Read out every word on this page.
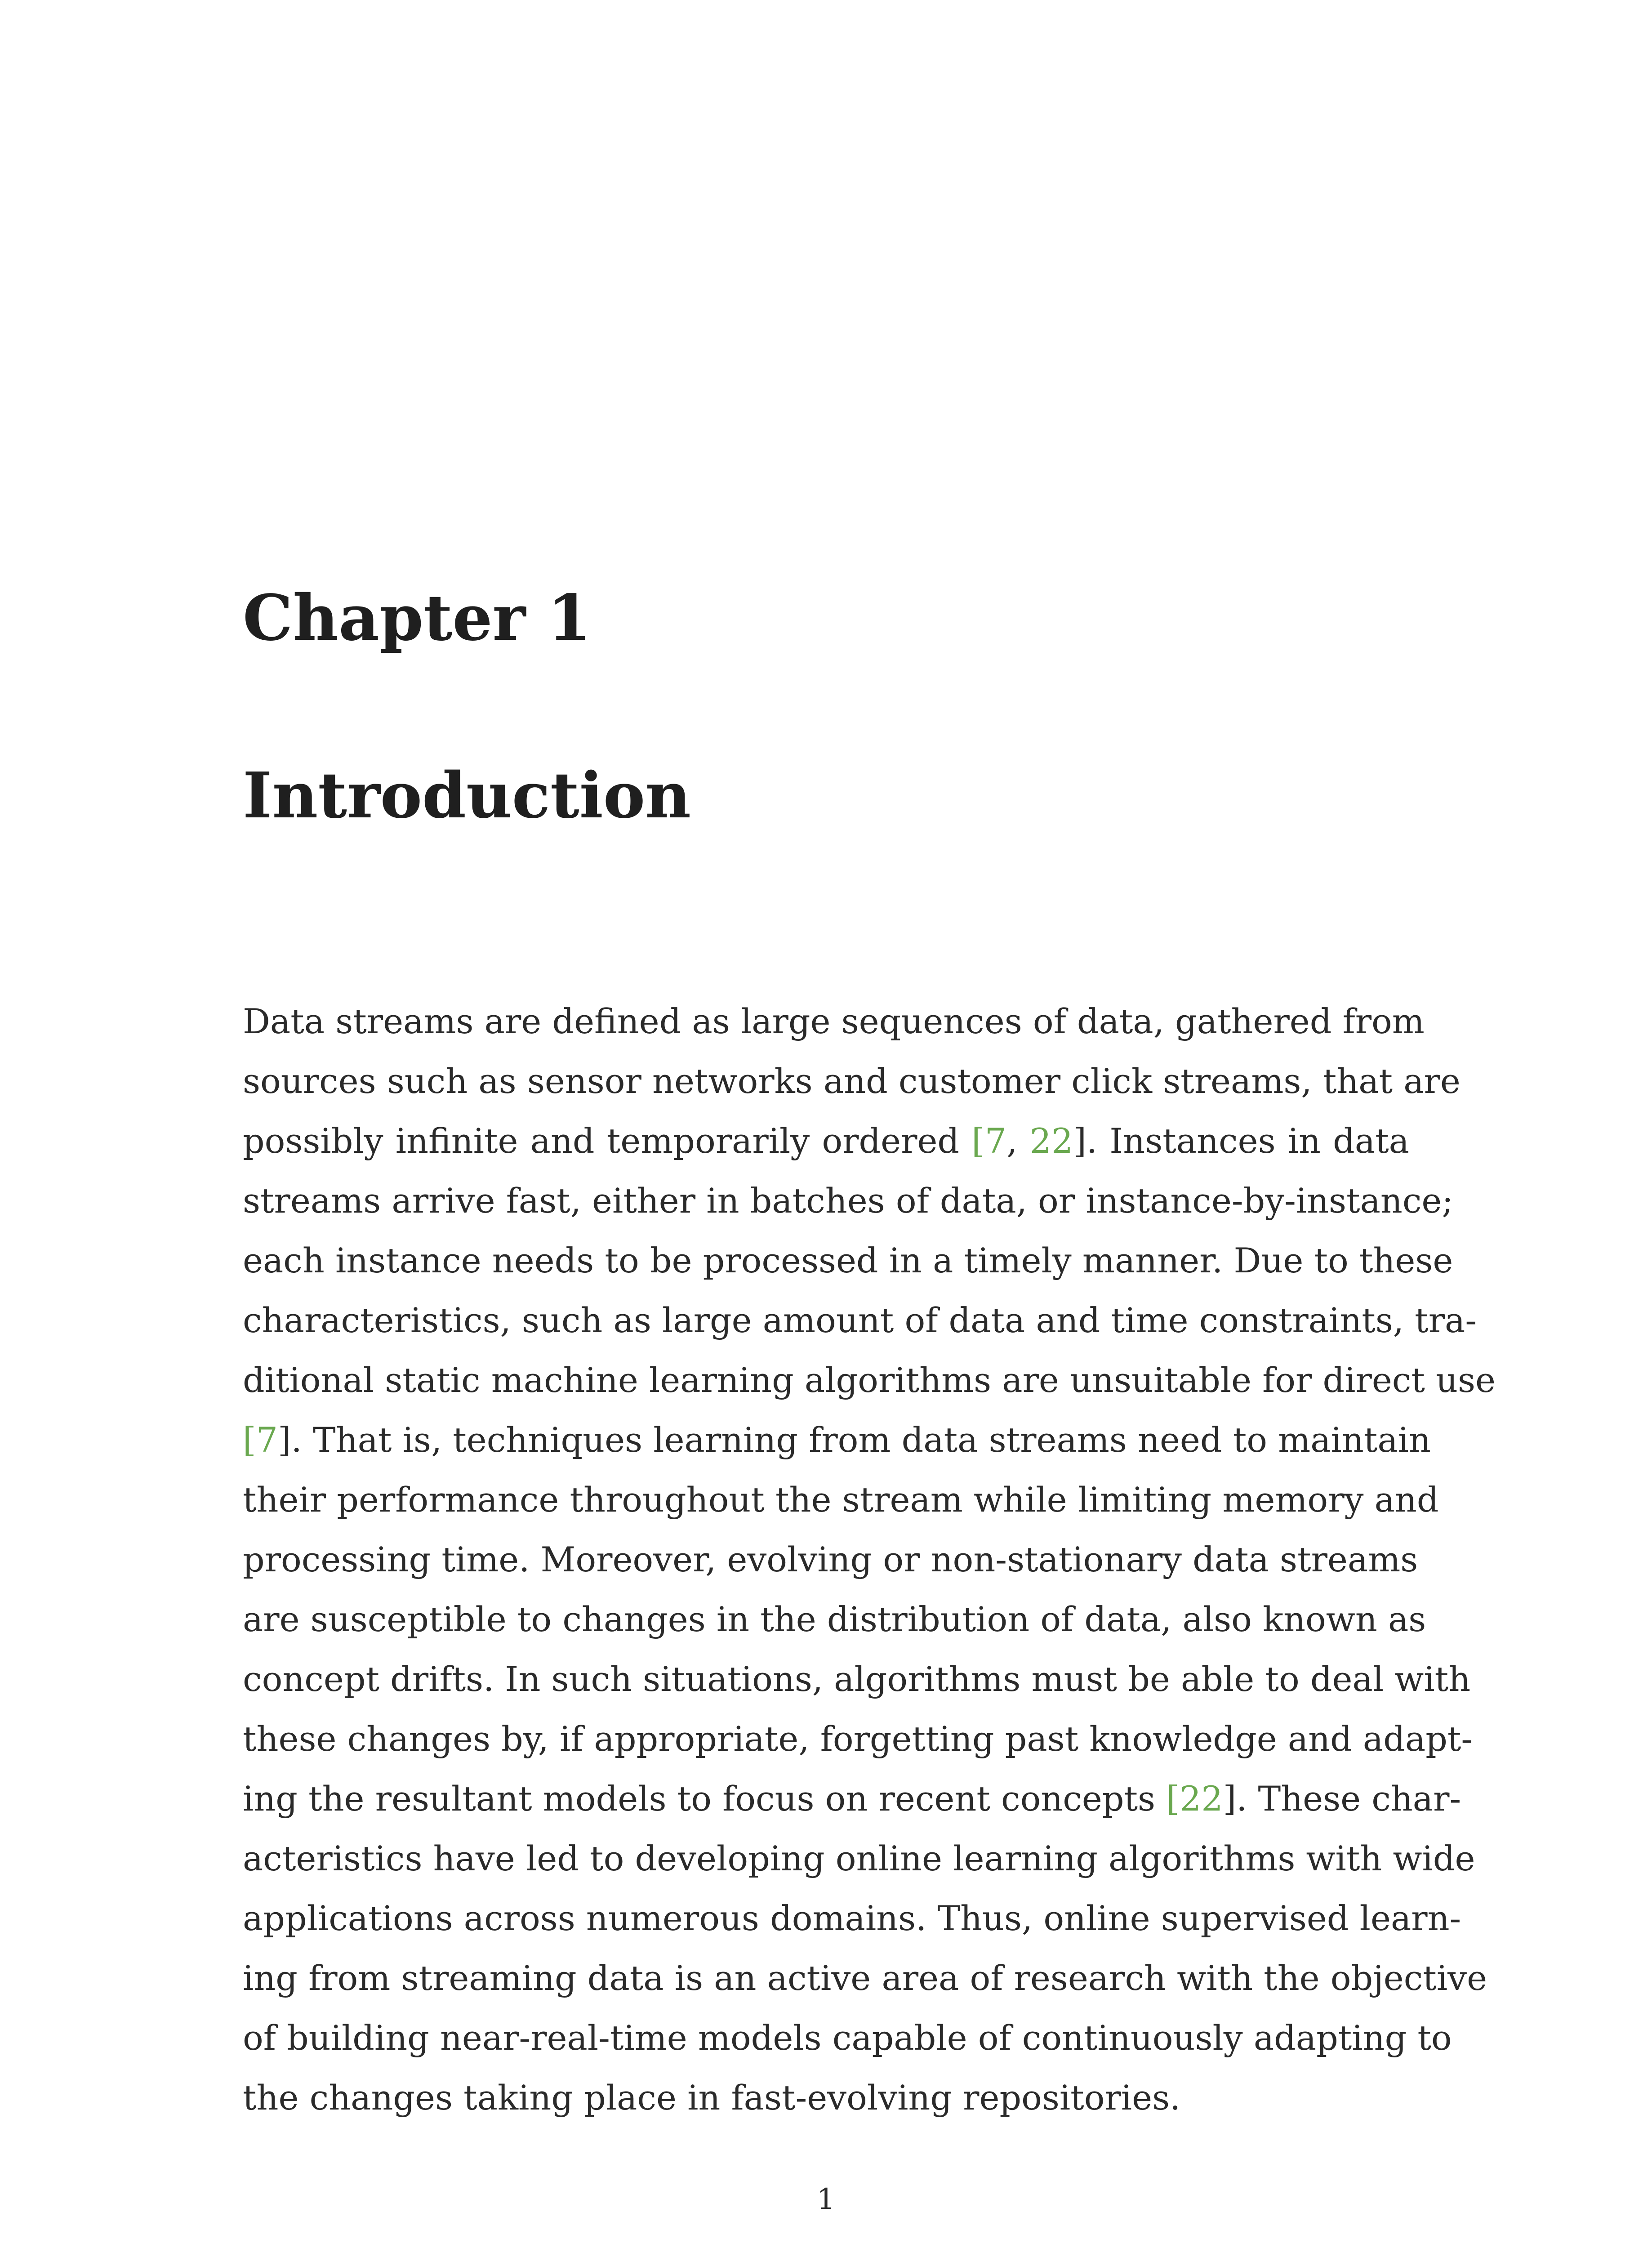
Chapter 1
Introduction
Data streams are defined as large sequences of data, gathered from
sources such as sensor networks and customer click streams, that are
possibly infinite and temporarily ordered [7, 22]. Instances in data
streams arrive fast, either in batches of data, or instance-by-instance;
each instance needs to be processed in a timely manner. Due to these
characteristics, such as large amount of data and time constraints, tra-
ditional static machine learning algorithms are unsuitable for direct use
[7]. That is, techniques learning from data streams need to maintain
their performance throughout the stream while limiting memory and
processing time. Moreover, evolving or non-stationary data streams
are susceptible to changes in the distribution of data, also known as
concept drifts. In such situations, algorithms must be able to deal with
these changes by, if appropriate, forgetting past knowledge and adapt-
ing the resultant models to focus on recent concepts [22]. These char-
acteristics have led to developing online learning algorithms with wide
applications across numerous domains. Thus, online supervised learn-
ing from streaming data is an active area of research with the objective
of building near-real-time models capable of continuously adapting to
the changes taking place in fast-evolving repositories.
1
